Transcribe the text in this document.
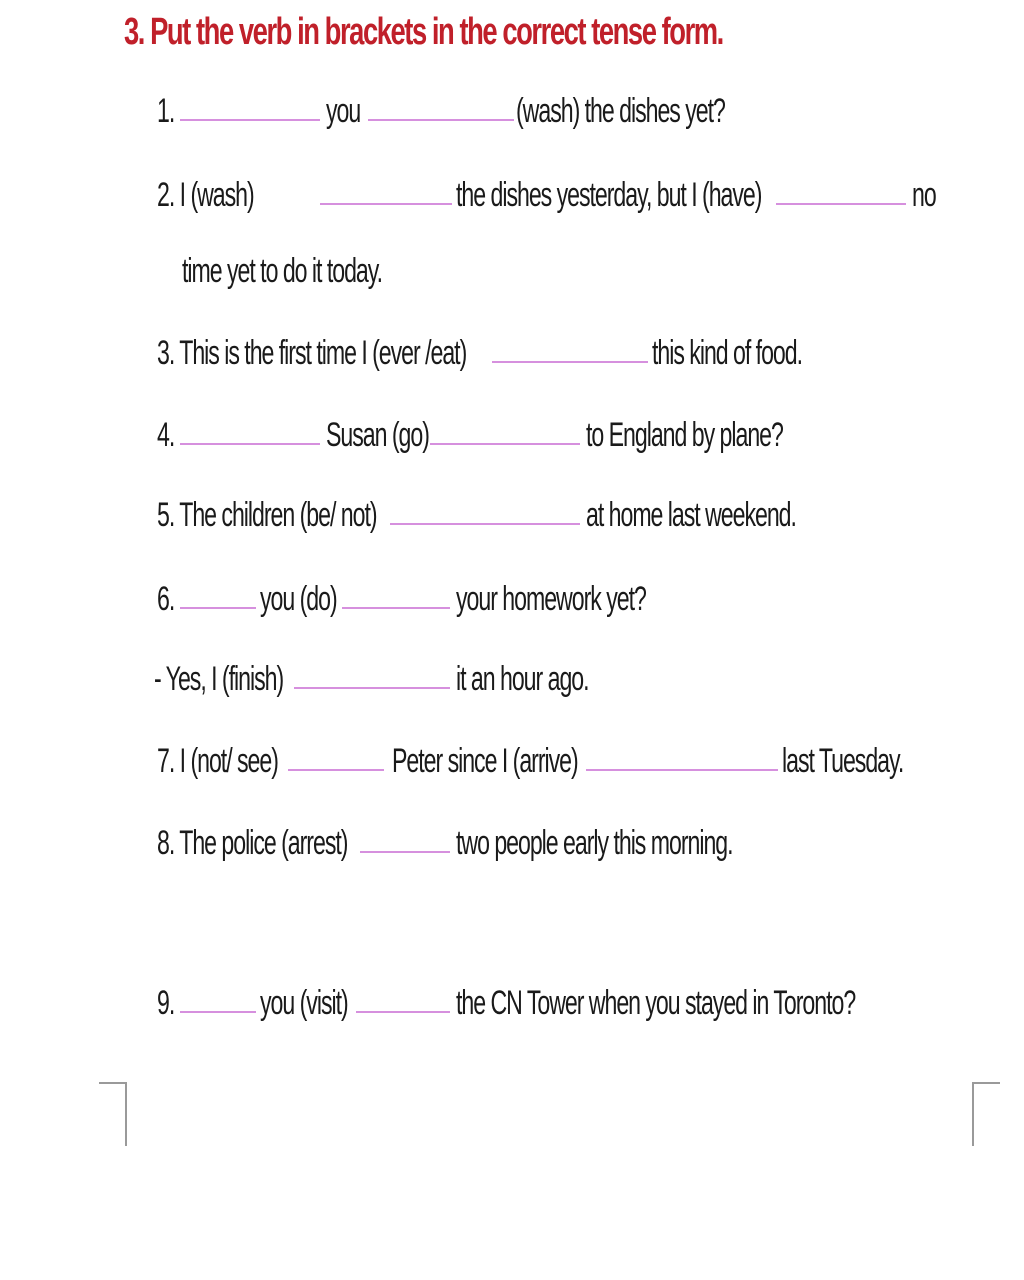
3. Put the verb in brackets in the correct tense form.
1.	you	(wash) the dishes yet?
2. I (wash)	the dishes yesterday, but I (have)	no
time yet to do it today.
3. This is the first time I (ever /eat)	this kind of food.
4.	Susan (go)	to England by plane?
5. The children (be/ not)	at home last weekend.
6.	you (do)	your homework yet?
- Yes, I (finish)	it an hour ago.
7. I (not/ see)	Peter since I (arrive)	last Tuesday.
8. The police (arrest)	two people early this morning.
9.	you (visit)	the CN Tower when you stayed in Toronto?
